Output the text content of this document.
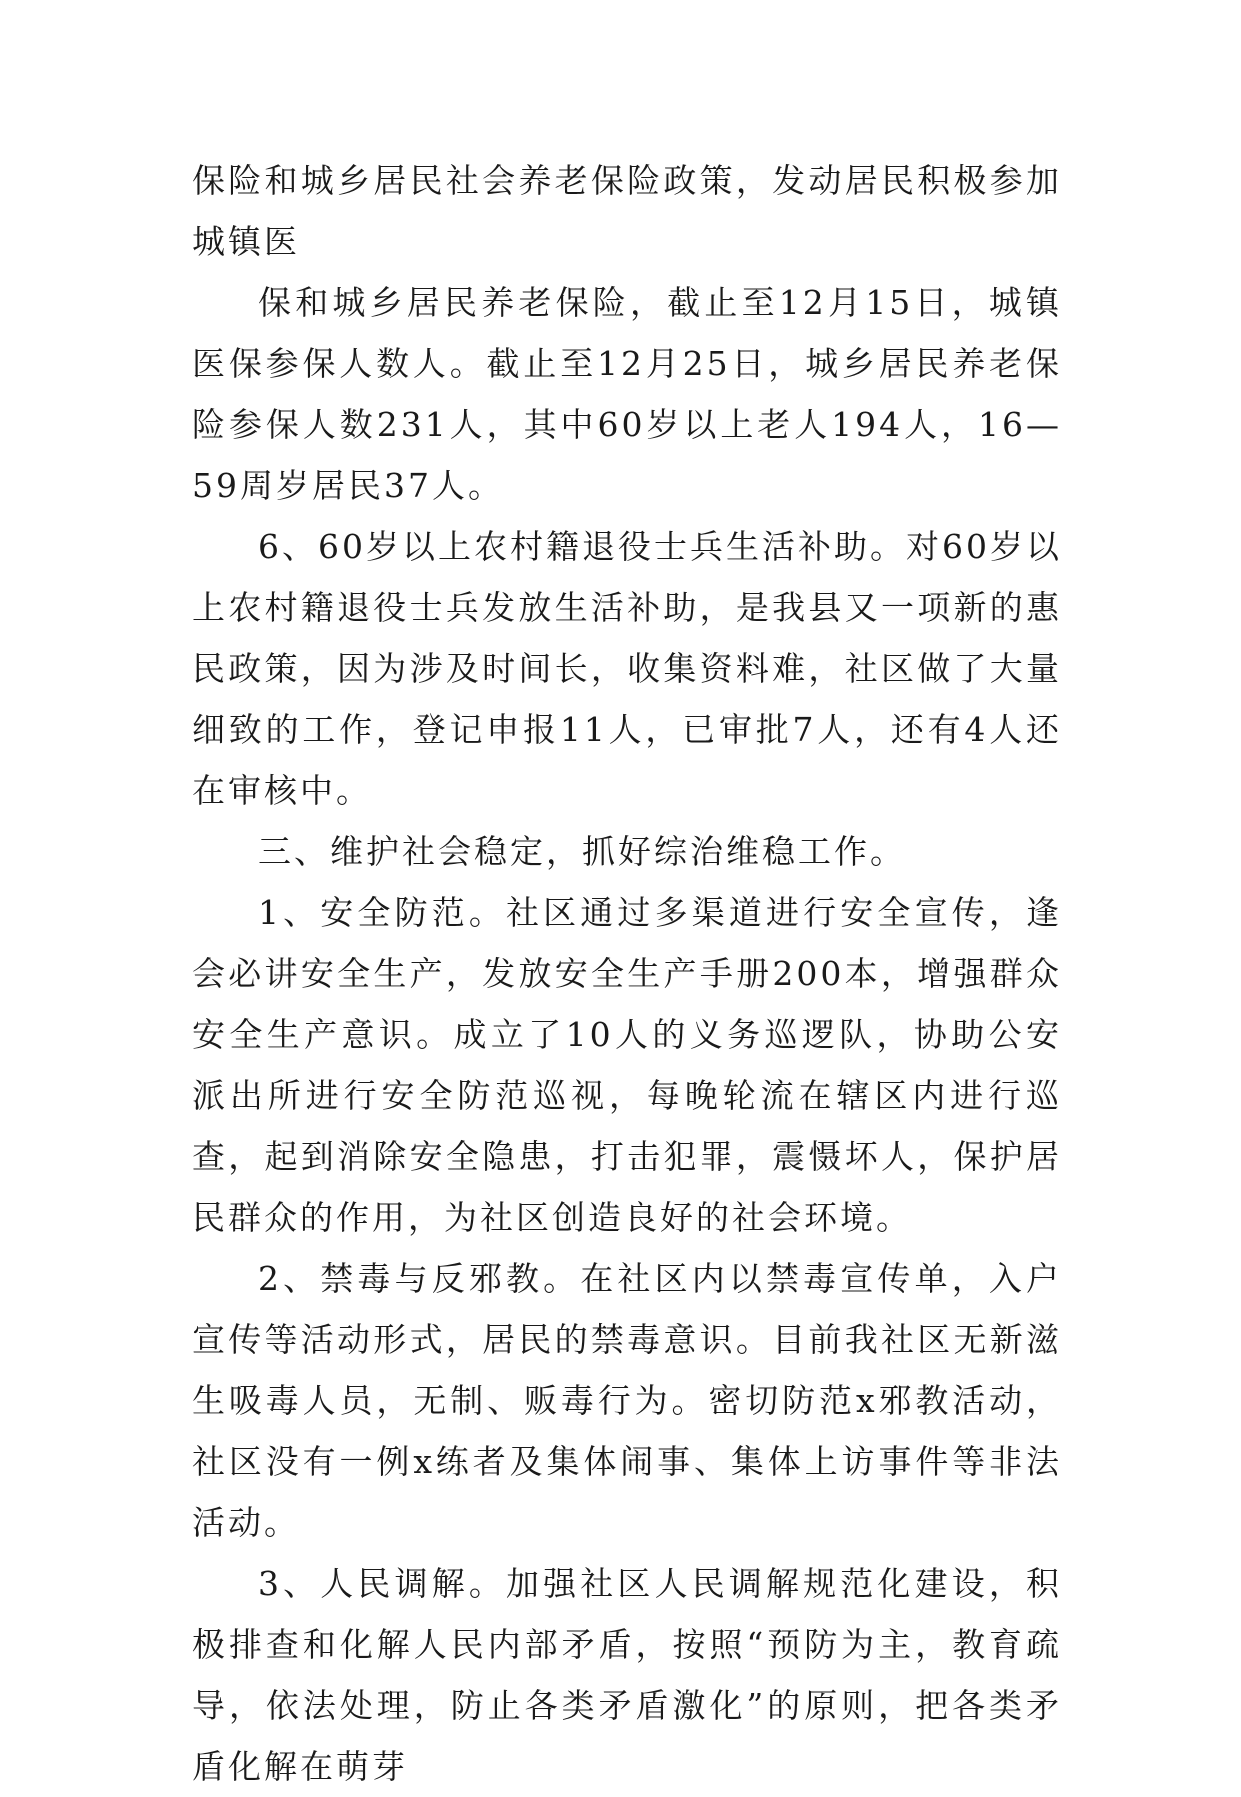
保险和城乡居民社会养老保险政策，发动居民积极参加城镇医

保和城乡居民养老保险，截止至12月15日，城镇医保参保人数人。截止至12月25日，城乡居民养老保险参保人数231人，其中60岁以上老人194人，16—59周岁居民37人。

6、60岁以上农村籍退役士兵生活补助。对60岁以上农村籍退役士兵发放生活补助，是我县又一项新的惠民政策，因为涉及时间长，收集资料难，社区做了大量细致的工作，登记申报11人，已审批7人，还有4人还在审核中。

三、维护社会稳定，抓好综治维稳工作。

1、安全防范。社区通过多渠道进行安全宣传，逢会必讲安全生产，发放安全生产手册200本，增强群众安全生产意识。成立了10人的义务巡逻队，协助公安派出所进行安全防范巡视，每晚轮流在辖区内进行巡查，起到消除安全隐患，打击犯罪，震慑坏人，保护居民群众的作用，为社区创造良好的社会环境。

2、禁毒与反邪教。在社区内以禁毒宣传单，入户宣传等活动形式，居民的禁毒意识。目前我社区无新滋生吸毒人员，无制、贩毒行为。密切防范x邪教活动，社区没有一例x练者及集体闹事、集体上访事件等非法活动。

3、人民调解。加强社区人民调解规范化建设，积极排查和化解人民内部矛盾，按照“预防为主，教育疏导，依法处理，防止各类矛盾激化”的原则，把各类矛盾化解在萌芽
